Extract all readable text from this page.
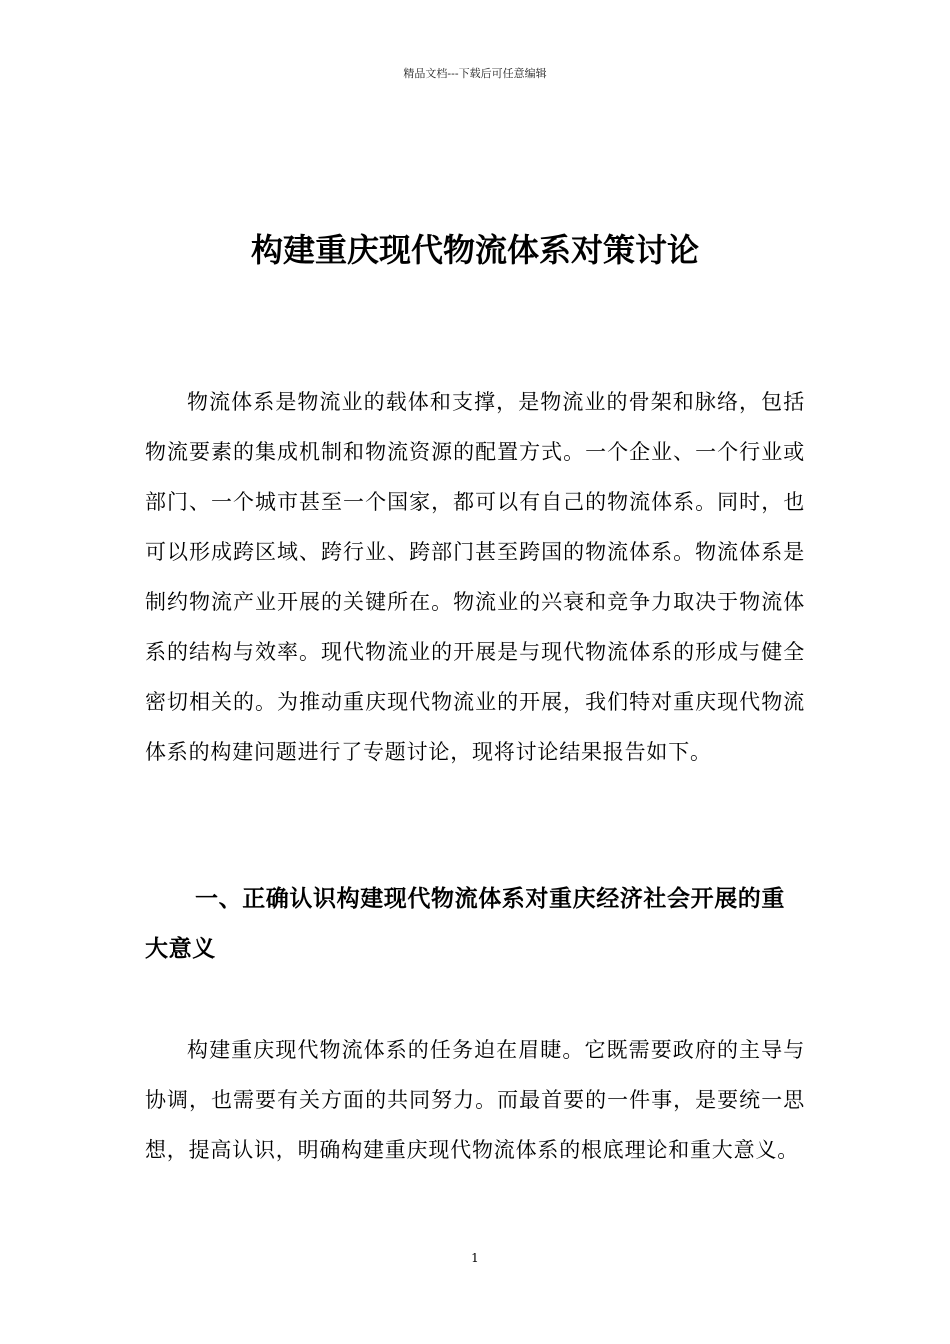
精品文档---下载后可任意编辑
构建重庆现代物流体系对策讨论

物流体系是物流业的载体和支撑，是物流业的骨架和脉络，包括物流要素的集成机制和物流资源的配置方式。一个企业、一个行业或部门、一个城市甚至一个国家，都可以有自己的物流体系。同时，也可以形成跨区域、跨行业、跨部门甚至跨国的物流体系。物流体系是制约物流产业开展的关键所在。物流业的兴衰和竞争力取决于物流体系的结构与效率。现代物流业的开展是与现代物流体系的形成与健全密切相关的。为推动重庆现代物流业的开展，我们特对重庆现代物流体系的构建问题进行了专题讨论，现将讨论结果报告如下。

一、正确认识构建现代物流体系对重庆经济社会开展的重大意义

构建重庆现代物流体系的任务迫在眉睫。它既需要政府的主导与协调，也需要有关方面的共同努力。而最首要的一件事，是要统一思想，提高认识，明确构建重庆现代物流体系的根底理论和重大意义。

1
